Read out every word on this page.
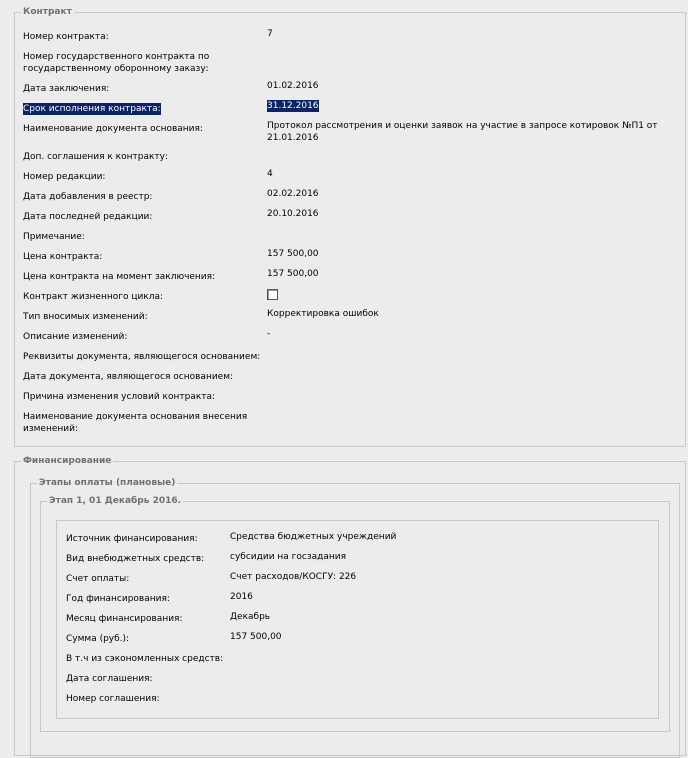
Контракт
Номер контракта:	7
Номер государственного контракта по
государственному оборонному заказу:
Дата заключения:	01.02.2016
Срок исполнения контракта:	31.12.2016
Наименование документа основания:	Протокол рассмотрения и оценки заявок на участие в запросе котировок №П1 от
21.01.2016
Доп. соглашения к контракту:
Номер редакции:	4
Дата добавления в реестр:	02.02.2016
Дата последней редакции:	20.10.2016
Примечание:
Цена контракта:	157 500,00
Цена контракта на момент заключения:	157 500,00
Контракт жизненного цикла:
Тип вносимых изменений:	Корректировка ошибок
Описание изменений:	-
Реквизиты документа, являющегося основанием:
Дата документа, являющегося основанием:
Причина изменения условий контракта:
Наименование документа основания внесения
изменений:
Финансирование
Этапы оплаты (плановые)
Этап 1, 01 Декабрь 2016.
Источник финансирования:	Средства бюджетных учреждений
Вид внебюджетных средств:	субсидии на госзадания
Счет оплаты:	Счет расходов/КОСГУ: 226
Год финансирования:	2016
Месяц финансирования:	Декабрь
Сумма (руб.):	157 500,00
В т.ч из сэкономленных средств:
Дата соглашения:
Номер соглашения:
